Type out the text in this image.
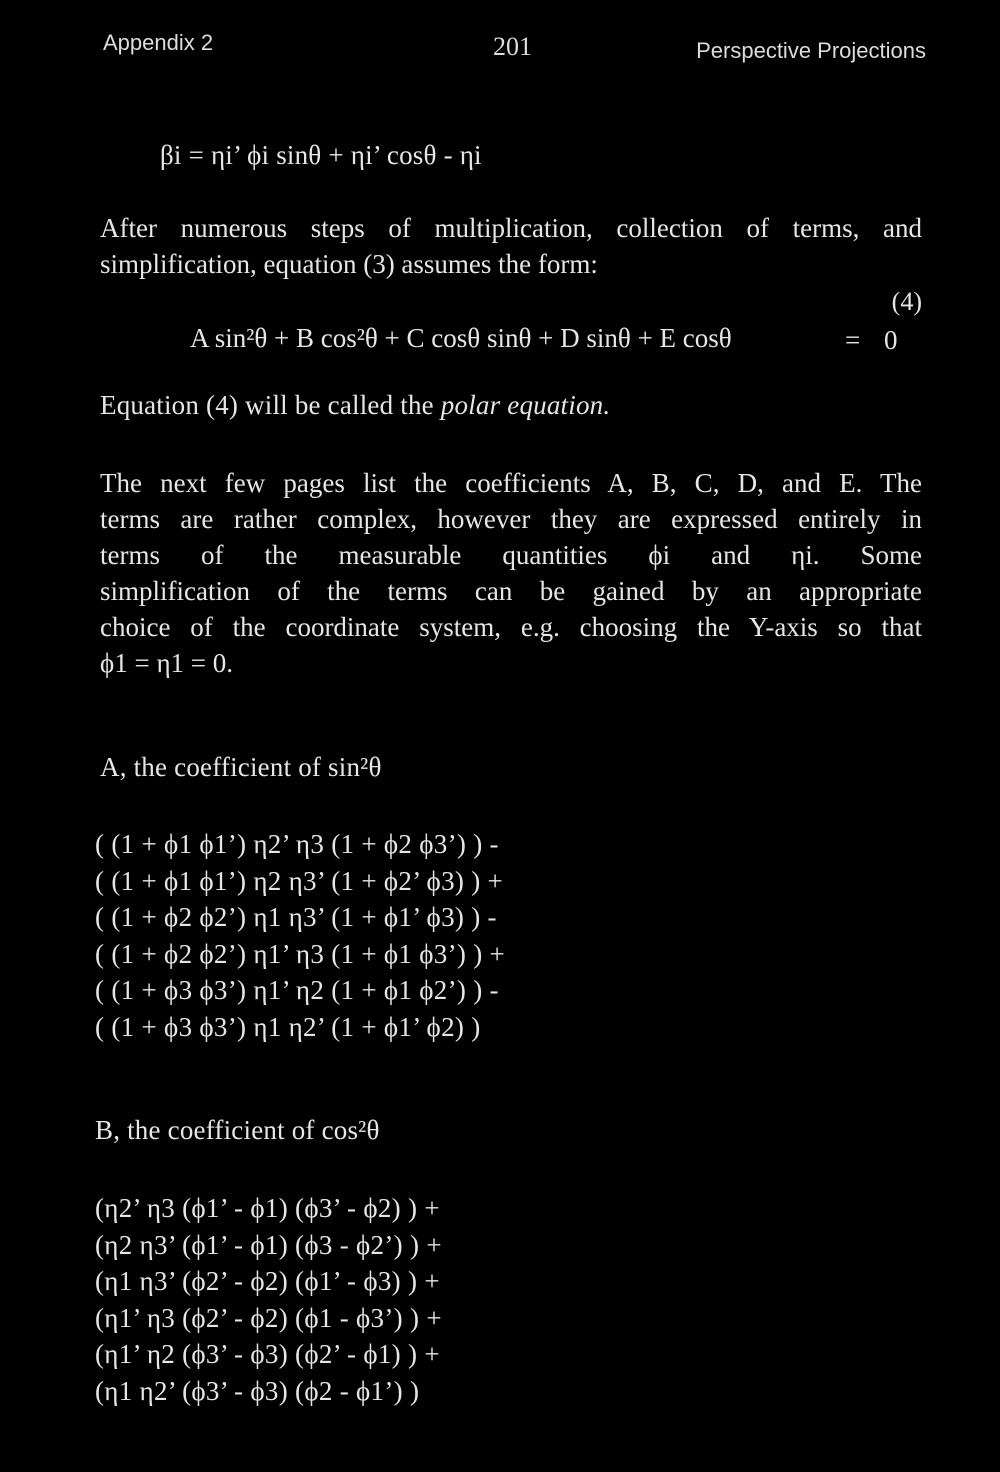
Appendix 2	201	Perspective Projections
βi = ηi’ ϕi sinθ + ηi’ cosθ - ηi
After numerous steps of multiplication, collection of terms, and
simplification, equation (3) assumes the form:
(4)
A sin²θ + B cos²θ + C cosθ sinθ + D sinθ + E cosθ	= 0
Equation (4) will be called the polar equation.
The next few pages list the coefficients A, B, C, D, and E. The
terms are rather complex, however they are expressed entirely in
terms of the measurable quantities ϕi and ηi. Some
simplification of the terms can be gained by an appropriate
choice of the coordinate system, e.g. choosing the Y-axis so that
ϕ1 = η1 = 0.
A, the coefficient of sin²θ
( (1 + ϕ1 ϕ1’) η2’ η3 (1 + ϕ2 ϕ3’) ) -
( (1 + ϕ1 ϕ1’) η2 η3’ (1 + ϕ2’ ϕ3) ) +
( (1 + ϕ2 ϕ2’) η1 η3’ (1 + ϕ1’ ϕ3) ) -
( (1 + ϕ2 ϕ2’) η1’ η3 (1 + ϕ1 ϕ3’) ) +
( (1 + ϕ3 ϕ3’) η1’ η2 (1 + ϕ1 ϕ2’) ) -
( (1 + ϕ3 ϕ3’) η1 η2’ (1 + ϕ1’ ϕ2) )
B, the coefficient of cos²θ
(η2’ η3 (ϕ1’ - ϕ1) (ϕ3’ - ϕ2) ) +
(η2 η3’ (ϕ1’ - ϕ1) (ϕ3 - ϕ2’) ) +
(η1 η3’ (ϕ2’ - ϕ2) (ϕ1’ - ϕ3) ) +
(η1’ η3 (ϕ2’ - ϕ2) (ϕ1 - ϕ3’) ) +
(η1’ η2 (ϕ3’ - ϕ3) (ϕ2’ - ϕ1) ) +
(η1 η2’ (ϕ3’ - ϕ3) (ϕ2 - ϕ1’) )
